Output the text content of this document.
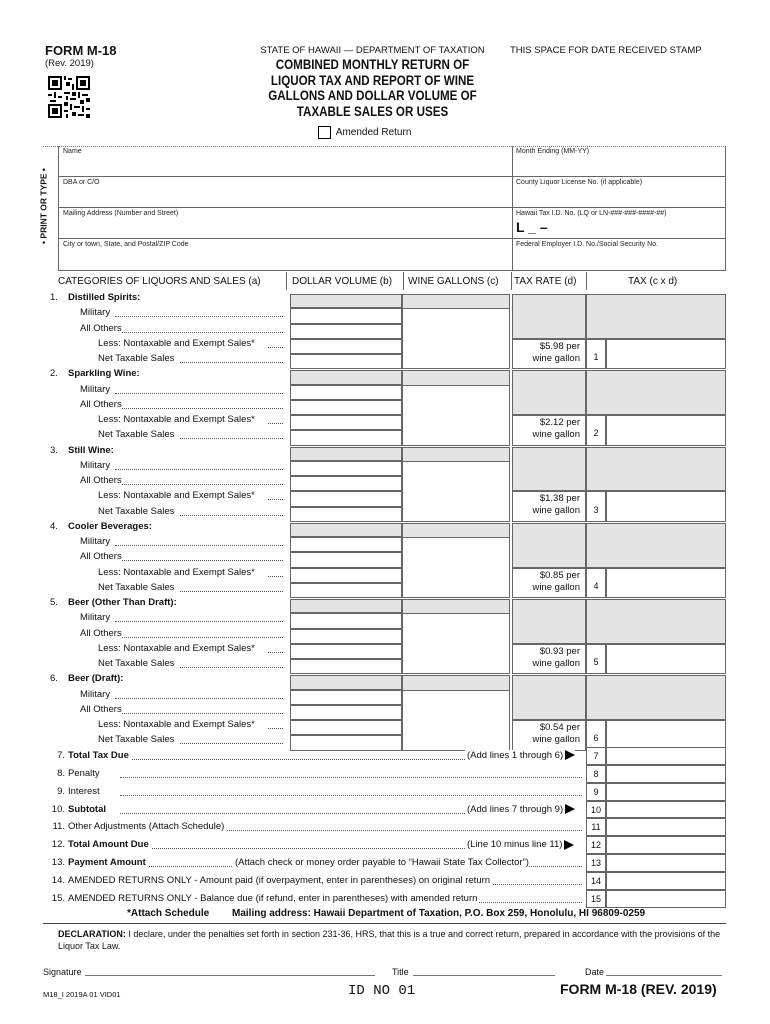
FORM M-18
(Rev. 2019)
STATE OF HAWAII — DEPARTMENT OF TAXATION
COMBINED MONTHLY RETURN OF
LIQUOR TAX AND REPORT OF WINE
GALLONS AND DOLLAR VOLUME OF
TAXABLE SALES OR USES
THIS SPACE FOR DATE RECEIVED STAMP
Amended Return
• PRINT OR TYPE •
Name	Month Ending (MM-YY)
DBA or C/O	County Liquor License No. (if applicable)
Mailing Address (Number and Street)	Hawaii Tax I.D. No. (LQ or LN-###-###-####-##)
L _ –
City or town, State, and Postal/ZIP Code	Federal Employer I.D. No./Social Security No.
CATEGORIES OF LIQUORS AND SALES (a)	DOLLAR VOLUME (b) WINE GALLONS (c) TAX RATE (d)	TAX (c x d)
1. Distilled Spirits:
Military
All Others
Less: Nontaxable and Exempt Sales*
Net Taxable Sales
$5.98 per
wine gallon	1
2. Sparkling Wine:
Military
All Others
Less: Nontaxable and Exempt Sales*
Net Taxable Sales
$2.12 per
wine gallon	2
3. Still Wine:
Military
All Others
Less: Nontaxable and Exempt Sales*
Net Taxable Sales
$1.38 per
wine gallon	3
4. Cooler Beverages:
Military
All Others
Less: Nontaxable and Exempt Sales*
Net Taxable Sales
$0.85 per
wine gallon	4
5. Beer (Other Than Draft):
Military
All Others
Less: Nontaxable and Exempt Sales*
Net Taxable Sales
$0.93 per
wine gallon	5
6. Beer (Draft):
Military
All Others
Less: Nontaxable and Exempt Sales*
Net Taxable Sales
$0.54 per
wine gallon	6
7. Total Tax Due	(Add lines 1 through 6)	7
8. Penalty	8
9. Interest	9
10. Subtotal	(Add lines 7 through 9)	10
11. Other Adjustments (Attach Schedule)	11
12. Total Amount Due	(Line 10 minus line 11)	12
13. Payment Amount	(Attach check or money order payable to “Hawaii State Tax Collector”)	13
14. AMENDED RETURNS ONLY - Amount paid (if overpayment, enter in parentheses) on original return	14
15. AMENDED RETURNS ONLY - Balance due (if refund, enter in parentheses) with amended return	15
*Attach Schedule Mailing address: Hawaii Department of Taxation, P.O. Box 259, Honolulu, HI 96809-0259
DECLARATION: I declare, under the penalties set forth in section 231-36, HRS, that this is a true and correct return, prepared in accordance with the provisions of the Liquor Tax Law.
Signature	Title	Date
M18_I 2019A 01 VID01	ID NO 01	FORM M-18 (REV. 2019)
